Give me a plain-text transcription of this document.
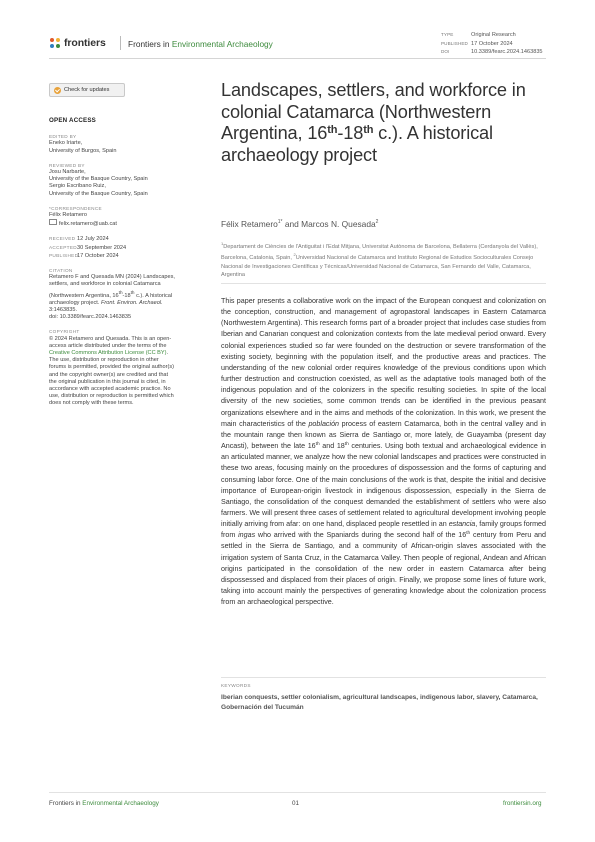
frontiers	Frontiers in Environmental Archaeology
TYPE	Original Research
PUBLISHED 17 October 2024
DOI	10.3389/fearc.2024.1463835
Check for updates
OPEN ACCESS
EDITED BY
Eneko Iriarte,
University of Burgos, Spain
REVIEWED BY
Josu Narbarte,
University of the Basque Country, Spain
Sergio Escribano Ruiz,
University of the Basque Country, Spain
*CORRESPONDENCE
Félix Retamero
felix.retamero@uab.cat
RECEIVED 12 July 2024
ACCEPTED30 September 2024
PUBLISHED17 October 2024
CITATION
Retamero F and Quesada MN (2024) Landscapes, settlers, and workforce in colonial Catamarca (Northwestern Argentina, 16th-18th c.). A historical archaeology project. Front. Environ. Archaeol. 3:1463835.
doi: 10.3389/fearc.2024.1463835
COPYRIGHT
© 2024 Retamero and Quesada. This is an open-access article distributed under the terms of the Creative Commons Attribution License (CC BY). The use, distribution or reproduction in other forums is permitted, provided the original author(s) and the copyright owner(s) are credited and that the original publication in this journal is cited, in accordance with accepted academic practice. No use, distribution or reproduction is permitted which does not comply with these terms.
Landscapes, settlers, and workforce in colonial Catamarca (Northwestern Argentina, 16th-18th c.). A historical archaeology project
Félix Retamero$^{1*}$ and Marcos N. Quesada$^2$
$^1$Departament de Ciències de l'Antiguitat i l'Edat Mitjana, Universitat Autònoma de Barcelona, Bellaterra (Cerdanyola del Vallès), Barcelona, Catalonia, Spain, $^2$Universidad Nacional de Catamarca and Instituto Regional de Estudios Socioculturales Consejo Nacional de Investigaciones Científicas y Técnicas/Universidad Nacional de Catamarca, San Fernando del Valle, Catamarca, Argentina
This paper presents a collaborative work on the impact of the European conquest and colonization on the conception, construction, and management of agropastoral landscapes in Eastern Catamarca (Northwestern Argentina). This research forms part of a broader project that includes case studies from Iberian and Canarian conquest and colonization contexts from the late medieval period onward. Every colonial experiences studied so far were founded on the destruction or severe transformation of the existing society, beginning with the population itself, and the productive areas and practices. The understanding of the new colonial order requires knowledge of the previous conditions upon which further destruction and construction coexisted, as well as the adaptative tools managed both of the indigenous population and of the colonizers in the specific resulting societies. In spite of the local diversity of the new societies, some common trends can be identified in the previous peasant organizations elsewhere and in the aims and methods of the colonization. In this work, we present the main characteristics of the población process of eastern Catamarca, both in the central valley and in the mountain range then known as Sierra de Santiago or, more lately, de Guayamba (present day Ancasti), between the late 16th and 18th centuries. Using both textual and archaeological evidence in an articulated manner, we analyze how the new colonial landscapes and practices were constructed in these two areas, focusing mainly on the procedures of dispossession and the forms of capturing and consuming labor force. One of the main conclusions of the work is that, despite the initial and decisive importance of European-origin livestock in indigenous dispossession, especially in the Sierra de Santiago, the consolidation of the conquest demanded the establishment of settlers who were also farmers. We will present three cases of settlement related to agricultural development involving people initially arriving from afar: on one hand, displaced people resettled in an estancia, family groups formed from ingas who arrived with the Spaniards during the second half of the 16th century from Peru and settled in the Sierra de Santiago, and a community of African-origin slaves associated with the irrigation system of Santa Cruz, in the Catamarca Valley. Then people of regional, Andean and African origins participated in the consolidation of the new order in eastern Catamarca after being dispossessed and displaced from their places of origin. Finally, we propose some lines of future work, taking into account mainly the perspectives of generating knowledge about the colonization process from an archaeological perspective.
KEYWORDS
Iberian conquests, settler colonialism, agricultural landscapes, indigenous labor, slavery, Catamarca, Gobernación del Tucumán
Frontiers in Environmental Archaeology	01	frontiersin.org
